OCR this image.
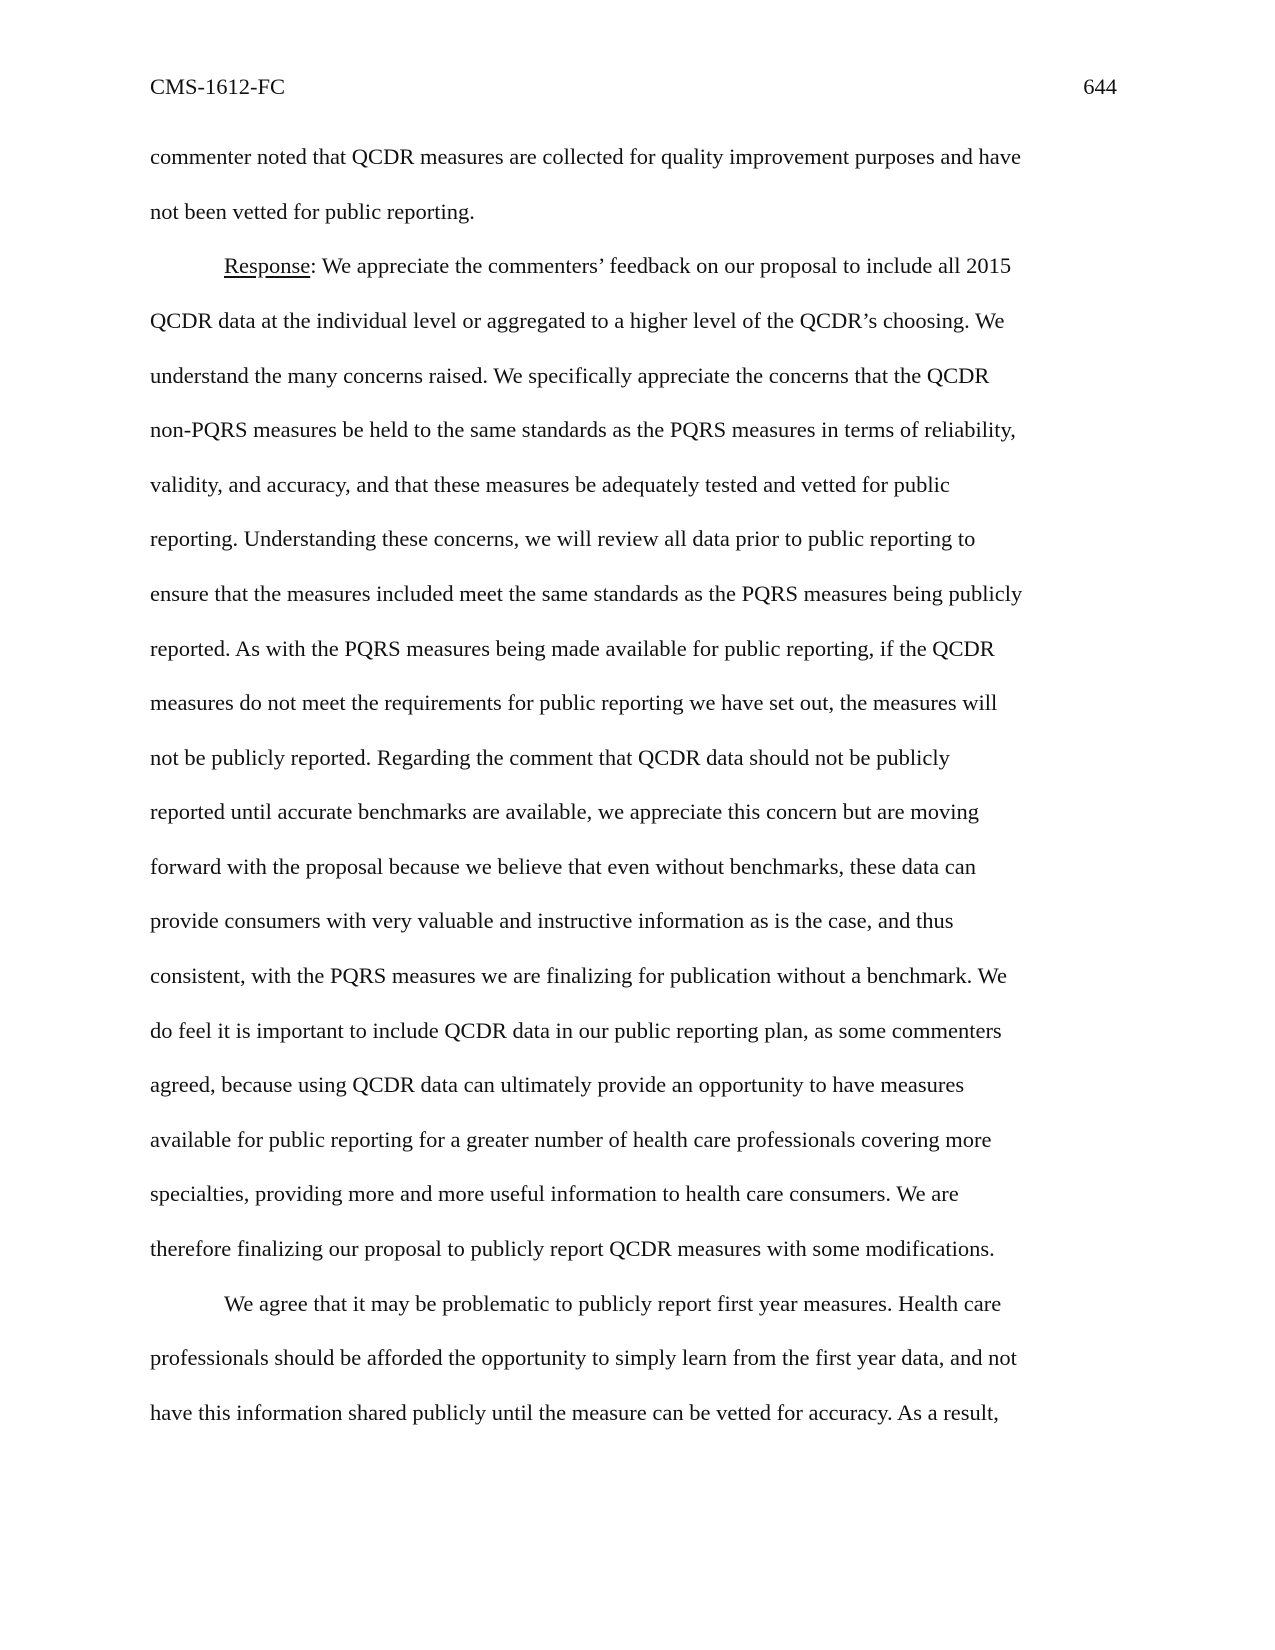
CMS-1612-FC	644
commenter noted that QCDR measures are collected for quality improvement purposes and have
not been vetted for public reporting.
Response: We appreciate the commenters’ feedback on our proposal to include all 2015
QCDR data at the individual level or aggregated to a higher level of the QCDR’s choosing. We
understand the many concerns raised. We specifically appreciate the concerns that the QCDR
non-PQRS measures be held to the same standards as the PQRS measures in terms of reliability,
validity, and accuracy, and that these measures be adequately tested and vetted for public
reporting. Understanding these concerns, we will review all data prior to public reporting to
ensure that the measures included meet the same standards as the PQRS measures being publicly
reported. As with the PQRS measures being made available for public reporting, if the QCDR
measures do not meet the requirements for public reporting we have set out, the measures will
not be publicly reported. Regarding the comment that QCDR data should not be publicly
reported until accurate benchmarks are available, we appreciate this concern but are moving
forward with the proposal because we believe that even without benchmarks, these data can
provide consumers with very valuable and instructive information as is the case, and thus
consistent, with the PQRS measures we are finalizing for publication without a benchmark. We
do feel it is important to include QCDR data in our public reporting plan, as some commenters
agreed, because using QCDR data can ultimately provide an opportunity to have measures
available for public reporting for a greater number of health care professionals covering more
specialties, providing more and more useful information to health care consumers. We are
therefore finalizing our proposal to publicly report QCDR measures with some modifications.
We agree that it may be problematic to publicly report first year measures. Health care
professionals should be afforded the opportunity to simply learn from the first year data, and not
have this information shared publicly until the measure can be vetted for accuracy. As a result,
